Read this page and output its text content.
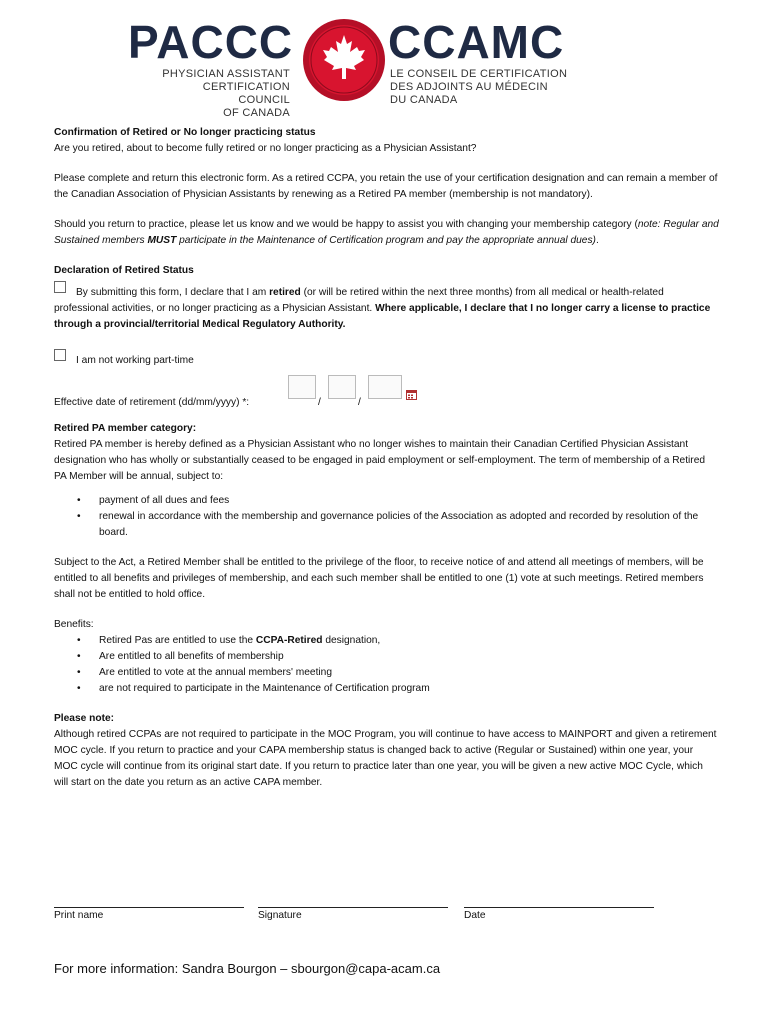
PACCC
PHYSICIAN ASSISTANT
CERTIFICATION COUNCIL
OF CANADA
CCAMC
LE CONSEIL DE CERTIFICATION
DES ADJOINTS AU MÉDECIN
DU CANADA

Confirmation of Retired or No longer practicing status

Are you retired, about to become fully retired or no longer practicing as a Physician Assistant?

Please complete and return this electronic form. As a retired CCPA, you retain the use of your certification designation and can remain a member of the Canadian Association of Physician Assistants by renewing as a Retired PA member (membership is not mandatory).

Should you return to practice, please let us know and we would be happy to assist you with changing your membership category (note: Regular and Sustained members MUST participate in the Maintenance of Certification program and pay the appropriate annual dues).

Declaration of Retired Status

By submitting this form, I declare that I am retired (or will be retired within the next three months) from all medical or health-related professional activities, or no longer practicing as a Physician Assistant. Where applicable, I declare that I no longer carry a license to practice through a provincial/territorial Medical Regulatory Authority.

I am not working part-time

Effective date of retirement (dd/mm/yyyy) *:	/	/

Retired PA member category:

Retired PA member is hereby defined as a Physician Assistant who no longer wishes to maintain their Canadian Certified Physician Assistant designation who has wholly or substantially ceased to be engaged in paid employment or self-employment. The term of membership of a Retired PA Member will be annual, subject to:

• payment of all dues and fees
• renewal in accordance with the membership and governance policies of the Association as adopted and recorded by resolution of the board.

Subject to the Act, a Retired Member shall be entitled to the privilege of the floor, to receive notice of and attend all meetings of members, will be entitled to all benefits and privileges of membership, and each such member shall be entitled to one (1) vote at such meetings. Retired members shall not be entitled to hold office.

Benefits:

• Retired Pas are entitled to use the CCPA-Retired designation,
• Are entitled to all benefits of membership
• Are entitled to vote at the annual members' meeting
• are not required to participate in the Maintenance of Certification program

Please note:

Although retired CCPAs are not required to participate in the MOC Program, you will continue to have access to MAINPORT and given a retirement MOC cycle. If you return to practice and your CAPA membership status is changed back to active (Regular or Sustained) within one year, your MOC cycle will continue from its original start date. If you return to practice later than one year, you will be given a new active MOC Cycle, which will start on the date you return as an active CAPA member.

Print name	Signature	Date
For more information: Sandra Bourgon – sbourgon@capa-acam.ca
